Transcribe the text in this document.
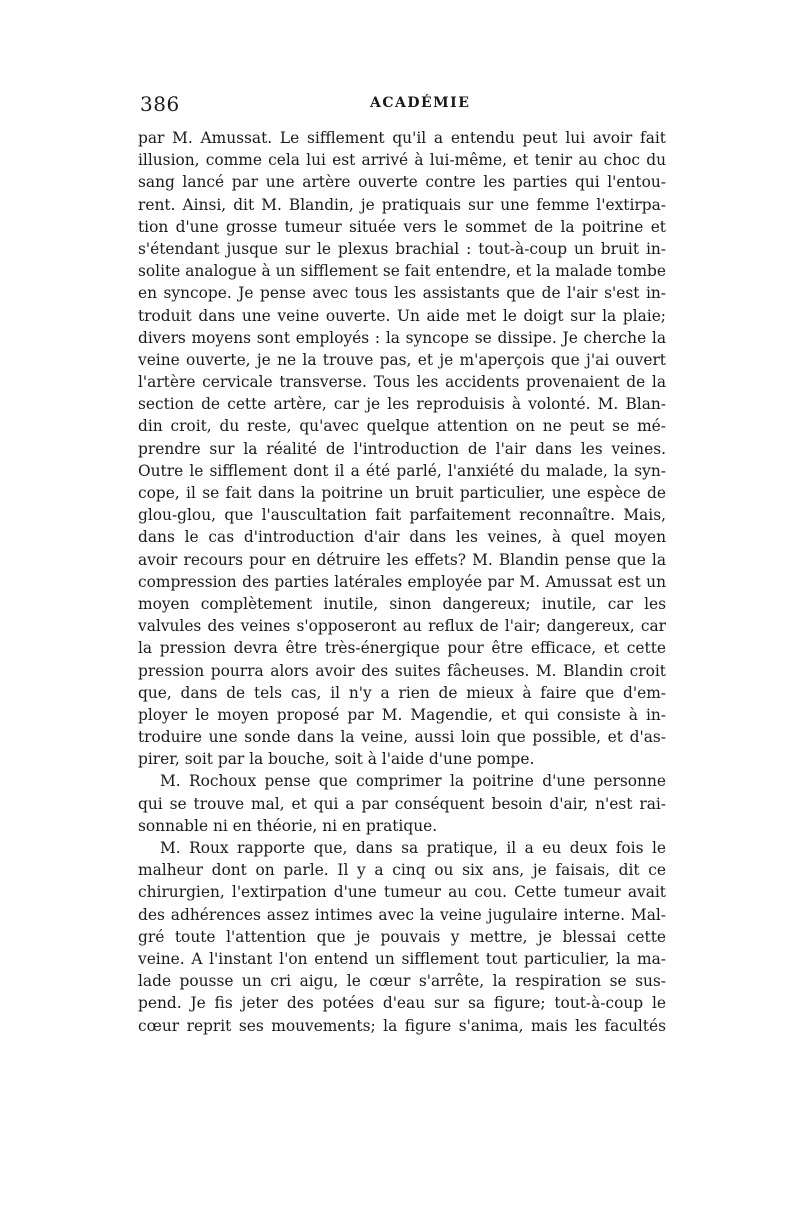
386	ACADÉMIE
par M. Amussat. Le sifflement qu'il a entendu peut lui avoir fait
illusion, comme cela lui est arrivé à lui-même, et tenir au choc du
sang lancé par une artère ouverte contre les parties qui l'entou-
rent. Ainsi, dit M. Blandin, je pratiquais sur une femme l'extirpa-
tion d'une grosse tumeur située vers le sommet de la poitrine et
s'étendant jusque sur le plexus brachial : tout-à-coup un bruit in-
solite analogue à un sifflement se fait entendre, et la malade tombe
en syncope. Je pense avec tous les assistants que de l'air s'est in-
troduit dans une veine ouverte. Un aide met le doigt sur la plaie;
divers moyens sont employés : la syncope se dissipe. Je cherche la
veine ouverte, je ne la trouve pas, et je m'aperçois que j'ai ouvert
l'artère cervicale transverse. Tous les accidents provenaient de la
section de cette artère, car je les reproduisis à volonté. M. Blan-
din croit, du reste, qu'avec quelque attention on ne peut se mé-
prendre sur la réalité de l'introduction de l'air dans les veines.
Outre le sifflement dont il a été parlé, l'anxiété du malade, la syn-
cope, il se fait dans la poitrine un bruit particulier, une espèce de
glou-glou, que l'auscultation fait parfaitement reconnaître. Mais,
dans le cas d'introduction d'air dans les veines, à quel moyen
avoir recours pour en détruire les effets? M. Blandin pense que la
compression des parties latérales employée par M. Amussat est un
moyen complètement inutile, sinon dangereux; inutile, car les
valvules des veines s'opposeront au reflux de l'air; dangereux, car
la pression devra être très-énergique pour être efficace, et cette
pression pourra alors avoir des suites fâcheuses. M. Blandin croit
que, dans de tels cas, il n'y a rien de mieux à faire que d'em-
ployer le moyen proposé par M. Magendie, et qui consiste à in-
troduire une sonde dans la veine, aussi loin que possible, et d'as-
pirer, soit par la bouche, soit à l'aide d'une pompe.
M. Rochoux pense que comprimer la poitrine d'une personne
qui se trouve mal, et qui a par conséquent besoin d'air, n'est rai-
sonnable ni en théorie, ni en pratique.
M. Roux rapporte que, dans sa pratique, il a eu deux fois le
malheur dont on parle. Il y a cinq ou six ans, je faisais, dit ce
chirurgien, l'extirpation d'une tumeur au cou. Cette tumeur avait
des adhérences assez intimes avec la veine jugulaire interne. Mal-
gré toute l'attention que je pouvais y mettre, je blessai cette
veine. A l'instant l'on entend un sifflement tout particulier, la ma-
lade pousse un cri aigu, le cœur s'arrête, la respiration se sus-
pend. Je fis jeter des potées d'eau sur sa figure; tout-à-coup le
cœur reprit ses mouvements; la figure s'anima, mais les facultés
